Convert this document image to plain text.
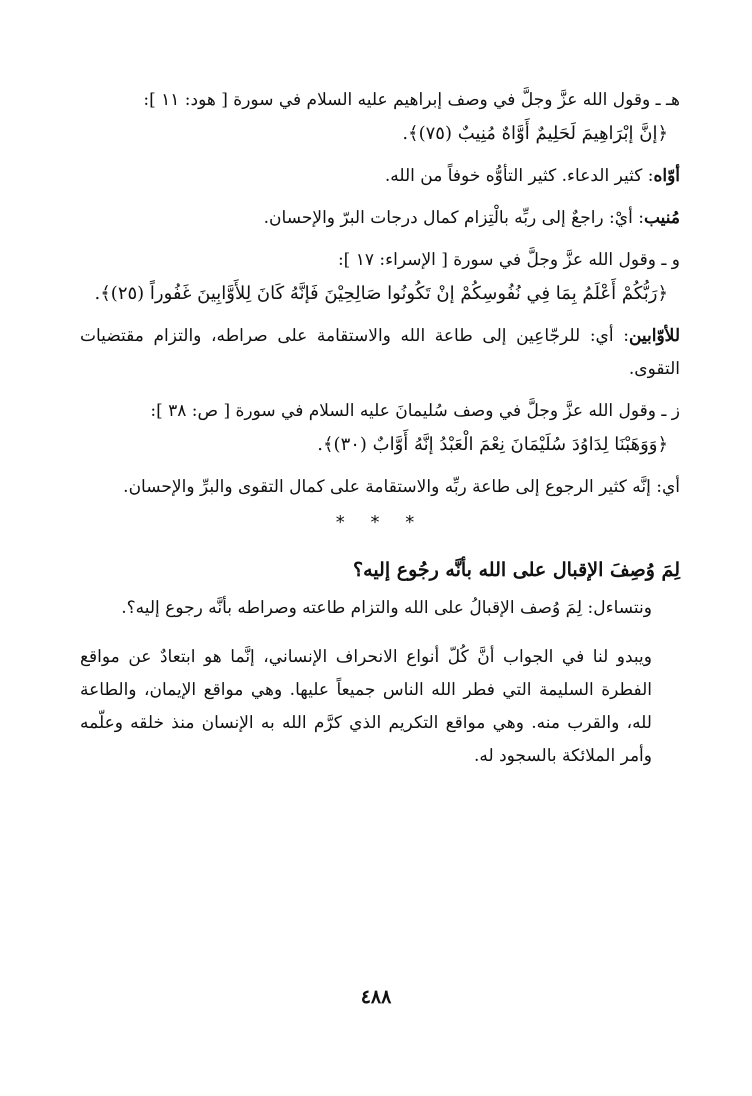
هـ ـ وقول الله عزَّ وجلَّ في وصف إبراهيم عليه السلام في سورة [ هود: ١١ ]:

﴿إنَّ إبْرَاهِيمَ لَحَلِيمٌ أَوَّاهٌ مُنِيبٌ (٧٥)﴾.

أوّاه: كثير الدعاء. كثير التأوُّه خوفاً من الله.

مُنيب: أيْ: راجعٌ إلى ربِّه بالْتِزام كمال درجات البرّ والإحسان.

و ـ وقول الله عزَّ وجلَّ في سورة [ الإسراء: ١٧ ]:

﴿رَبُّكُمْ أَعْلَمُ بِمَا فِي نُفُوسِكُمْ إنْ تَكُونُوا صَالِحِيْنَ فَإنَّهُ كَانَ لِلأَوَّابِينَ غَفُوراً (٢٥)﴾.

للأوّابين: أي: للرجّاعِين إلى طاعة الله والاستقامة على صراطه، والتزام مقتضيات التقوى.

ز ـ وقول الله عزَّ وجلَّ في وصف سُليمانَ عليه السلام في سورة [ ص: ٣٨ ]:

﴿وَوَهَبْنَا لِدَاوُدَ سُلَيْمَانَ نِعْمَ الْعَبْدُ إنَّهُ أَوَّابٌ (٣٠)﴾.

أي: إنَّه كثير الرجوع إلى طاعة ربِّه والاستقامة على كمال التقوى والبرِّ والإحسان.

* * *
لِمَ وُصِفَ الإقبال على الله بأنَّه رجُوع إليه؟

ونتساءل: لِمَ وُصف الإقبالُ على الله والتزام طاعته وصراطه بأنَّه رجوع إليه؟.

ويبدو لنا في الجواب أنَّ كُلّ أنواع الانحراف الإنساني، إنَّما هو ابتعادٌ عن مواقع الفطرة السليمة التي فطر الله الناس جميعاً عليها. وهي مواقع الإيمان، والطاعة لله، والقرب منه. وهي مواقع التكريم الذي كرَّم الله به الإنسان منذ خلقه وعلّمه وأمر الملائكة بالسجود له.

٤٨٨
